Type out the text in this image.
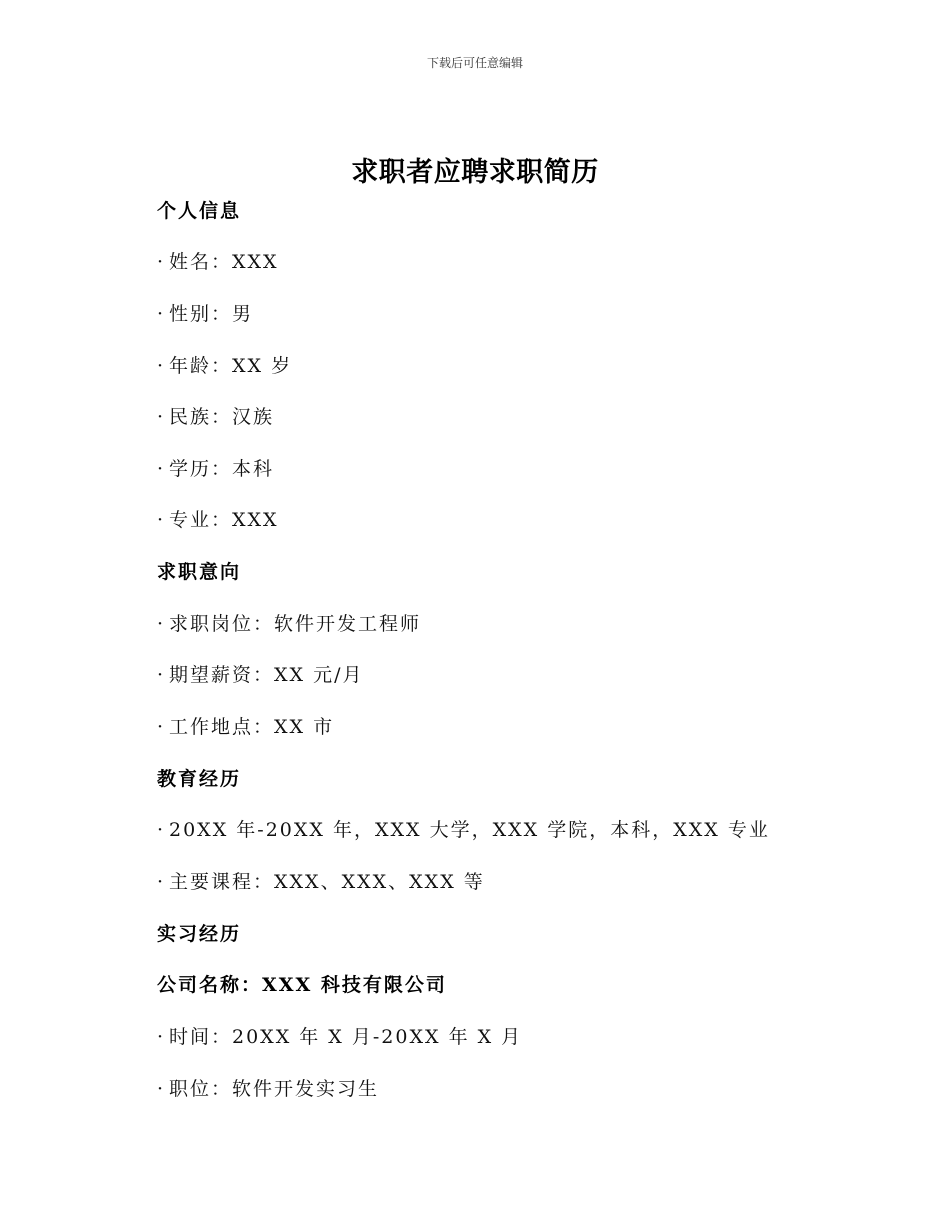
下载后可任意编辑
求职者应聘求职简历
个人信息
· 姓名：XXX
· 性别：男
· 年龄：XX 岁
· 民族：汉族
· 学历：本科
· 专业：XXX
求职意向
· 求职岗位：软件开发工程师
· 期望薪资：XX 元/月
· 工作地点：XX 市
教育经历
· 20XX 年-20XX 年，XXX 大学，XXX 学院，本科，XXX 专业
· 主要课程：XXX、XXX、XXX 等
实习经历
公司名称：XXX 科技有限公司
· 时间：20XX 年 X 月-20XX 年 X 月
· 职位：软件开发实习生
